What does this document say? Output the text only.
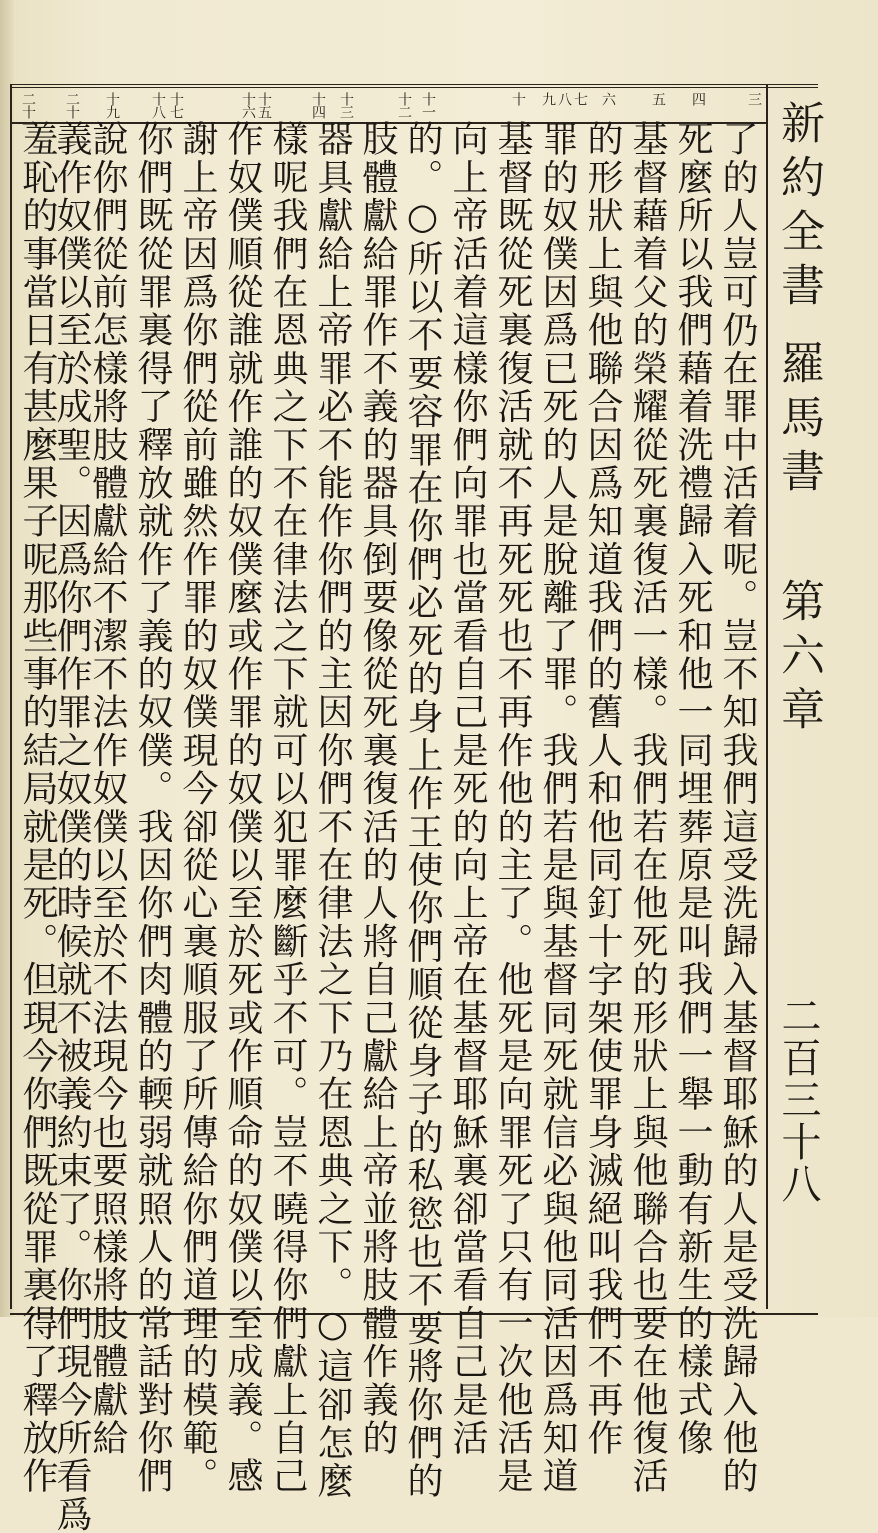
新約全書 羅馬書
第六章
二百三十八
三
四
五
六
七
八
九
十
十一
十二
十三
十四
十五
十六
十七
十八
十九
二十
二十一
了的人豈可仍在罪中活着呢。豈不知我們這受洗歸入基督耶穌的人是受洗歸入他的
死麼所以我們藉着洗禮歸入死和他一同埋葬原是叫我們一舉一動有新生的樣式像
基督藉着父的榮耀從死裏復活一樣。我們若在他死的形狀上與他聯合也要在他復活
的形狀上與他聯合因爲知道我們的舊人和他同釘十字架使罪身滅絕叫我們不再作
罪的奴僕因爲已死的人是脫離了罪。我們若是與基督同死就信必與他同活因爲知道
基督既從死裏復活就不再死死也不再作他的主了。他死是向罪死了只有一次他活是
向上帝活着這樣你們向罪也當看自己是死的向上帝在基督耶穌裏卻當看自己是活
的。○所以不要容罪在你們必死的身上作王使你們順從身子的私慾也不要將你們的
肢體獻給罪作不義的器具倒要像從死裏復活的人將自己獻給上帝並將肢體作義的
器具獻給上帝罪必不能作你們的主因你們不在律法之下乃在恩典之下。○這卻怎麼
樣呢我們在恩典之下不在律法之下就可以犯罪麼斷乎不可。豈不曉得你們獻上自己
作奴僕順從誰就作誰的奴僕麼或作罪的奴僕以至於死或作順命的奴僕以至成義。感
謝上帝因爲你們從前雖然作罪的奴僕現今卻從心裏順服了所傳給你們道理的模範。
你們既從罪裏得了釋放就作了義的奴僕。我因你們肉體的輭弱就照人的常話對你們
說你們從前怎樣將肢體獻給不潔不法作奴僕以至於不法現今也要照樣將肢體獻給
義作奴僕以至於成聖。因爲你們作罪之奴僕的時候就不被義約束了。你們現今所看爲
羞恥的事當日有甚麼果子呢那些事的結局就是死。但現今你們既從罪裏得了釋放作
